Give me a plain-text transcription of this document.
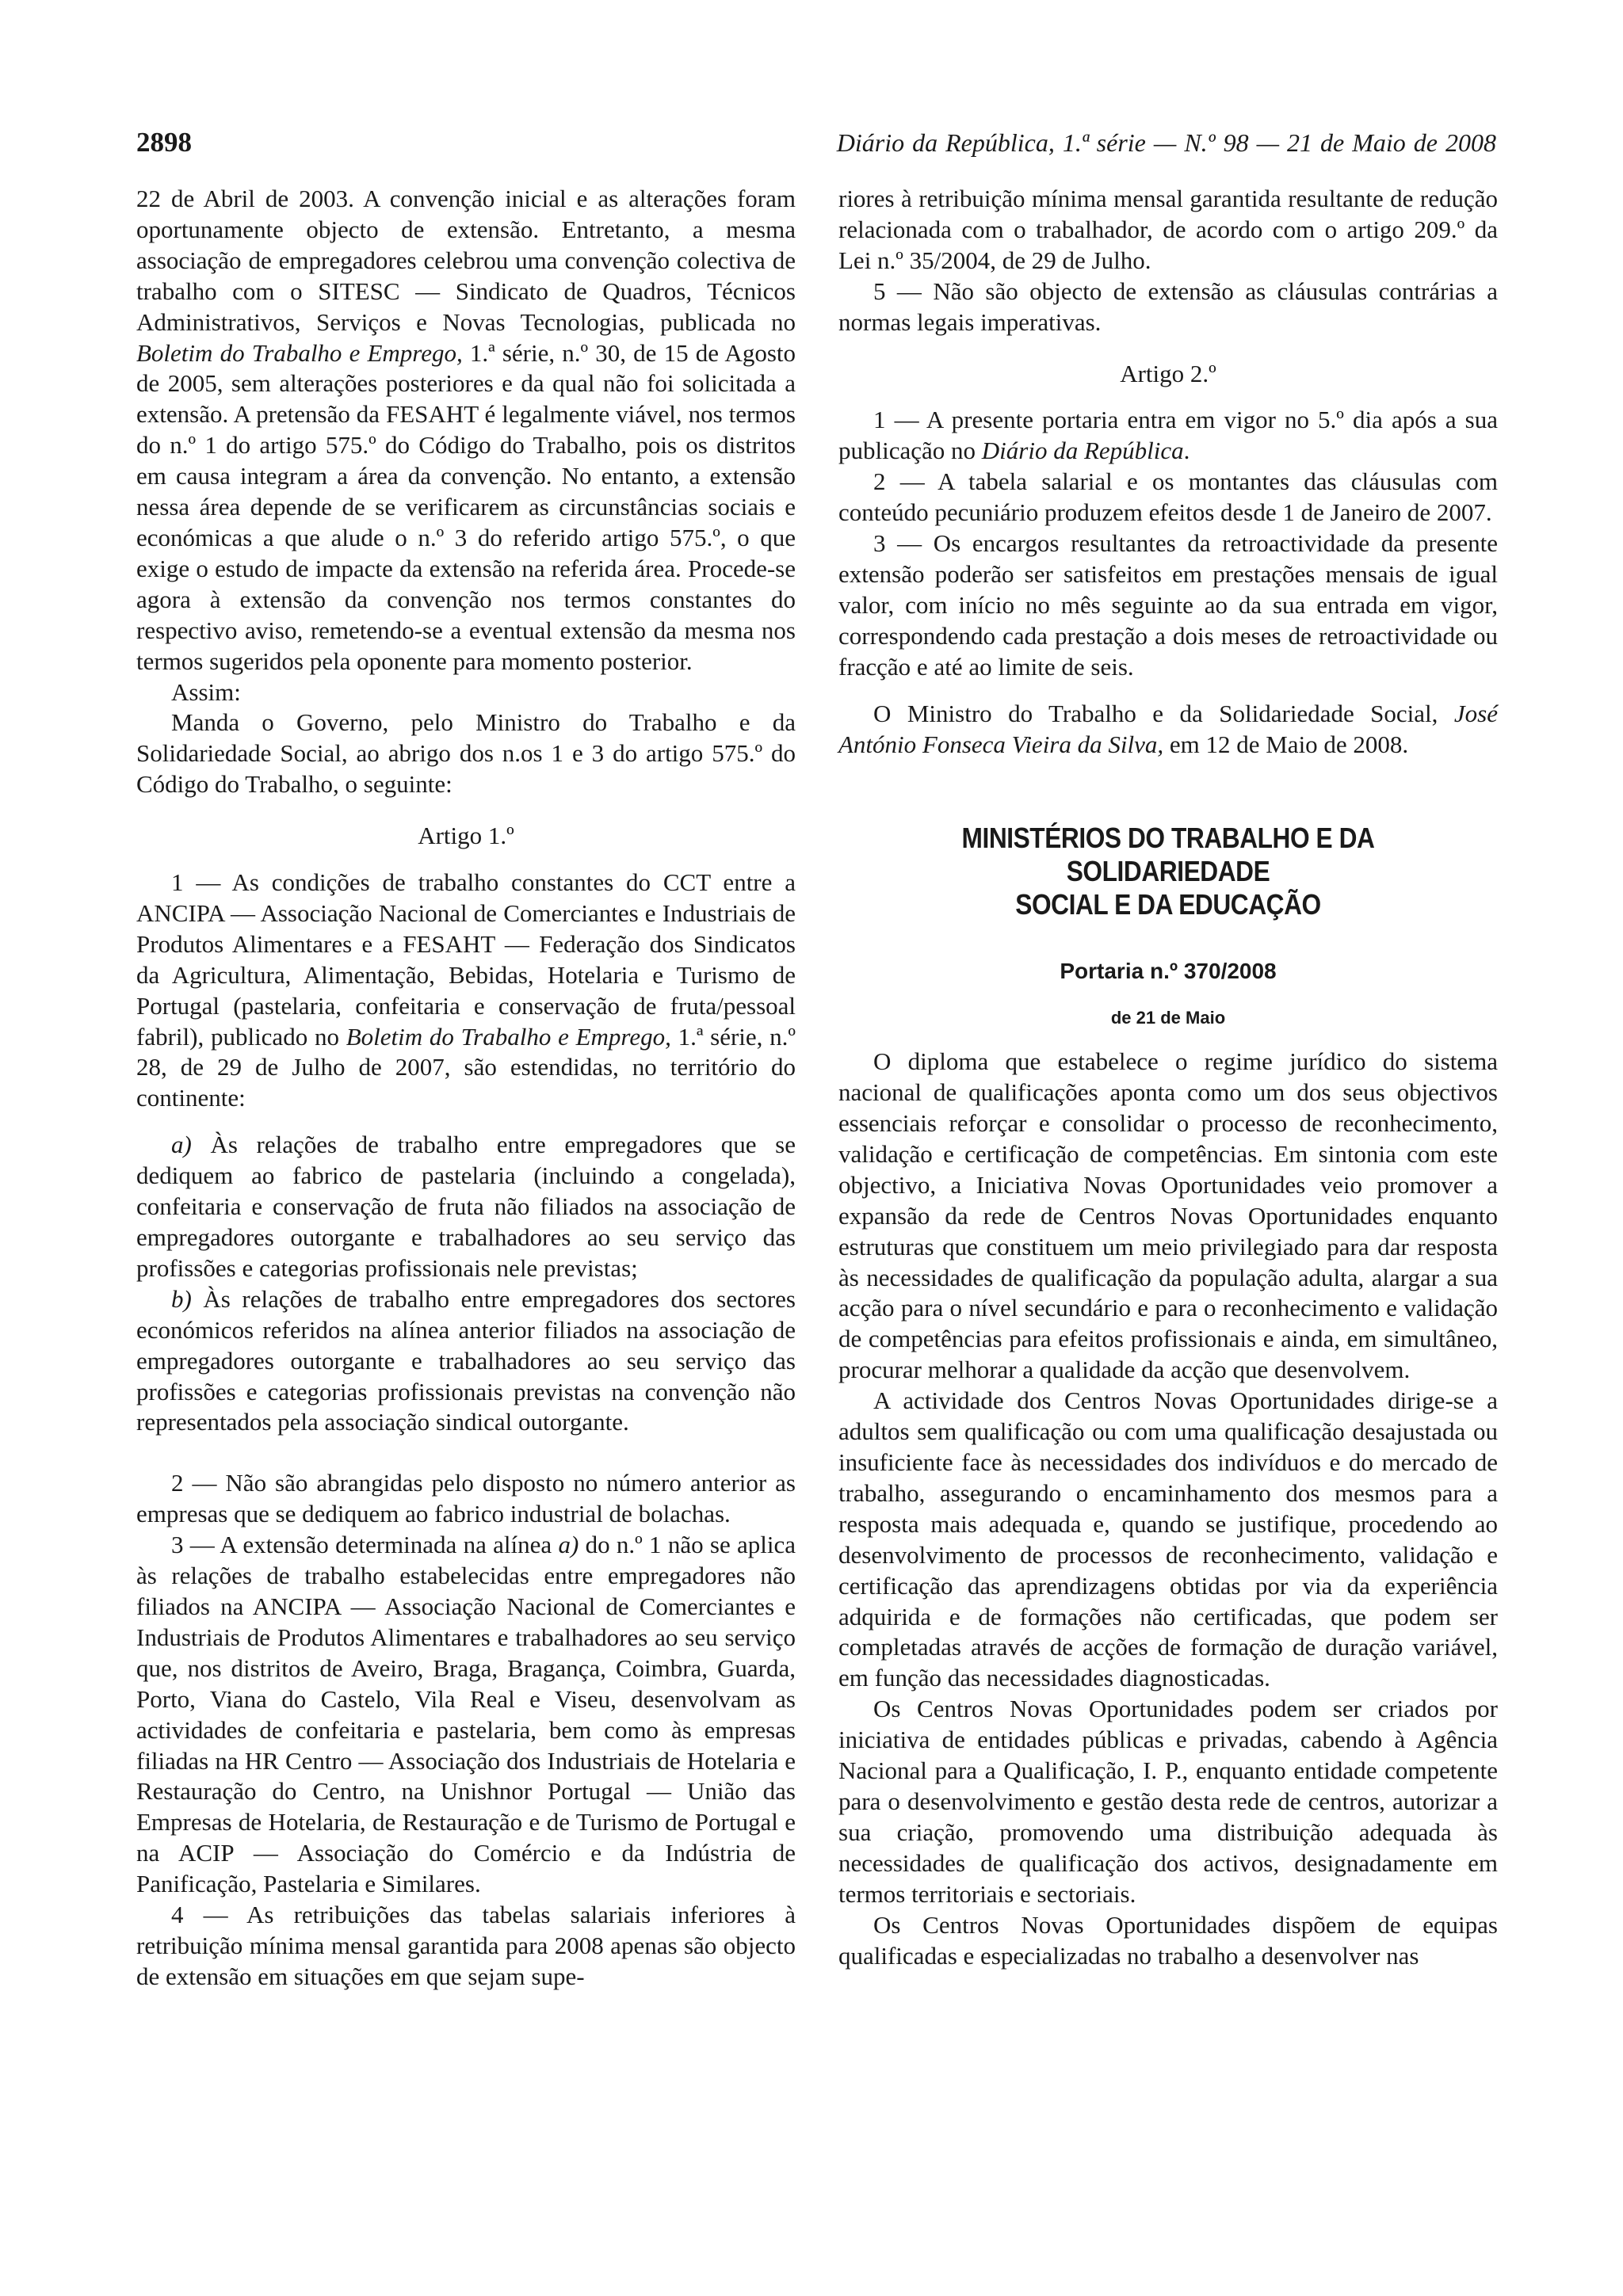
2898	Diário da República, 1.ª série — N.º 98 — 21 de Maio de 2008

22 de Abril de 2003. A convenção inicial e as alterações foram oportunamente objecto de extensão. Entretanto, a mesma associação de empregadores celebrou uma convenção colectiva de trabalho com o SITESC — Sindicato de Quadros, Técnicos Administrativos, Serviços e Novas Tecnologias, publicada no Boletim do Trabalho e Emprego, 1.ª série, n.º 30, de 15 de Agosto de 2005, sem alterações posteriores e da qual não foi solicitada a extensão. A pretensão da FESAHT é legalmente viável, nos termos do n.º 1 do artigo 575.º do Código do Trabalho, pois os distritos em causa integram a área da convenção. No entanto, a extensão nessa área depende de se verificarem as circunstâncias sociais e económicas a que alude o n.º 3 do referido artigo 575.º, o que exige o estudo de impacte da extensão na referida área. Procede-se agora à extensão da convenção nos termos constantes do respectivo aviso, remetendo-se a eventual extensão da mesma nos termos sugeridos pela oponente para momento posterior.

Assim:

Manda o Governo, pelo Ministro do Trabalho e da Solidariedade Social, ao abrigo dos n.os 1 e 3 do artigo 575.º do Código do Trabalho, o seguinte:

Artigo 1.º

1 — As condições de trabalho constantes do CCT entre a ANCIPA — Associação Nacional de Comerciantes e Industriais de Produtos Alimentares e a FESAHT — Federação dos Sindicatos da Agricultura, Alimentação, Bebidas, Hotelaria e Turismo de Portugal (pastelaria, confeitaria e conservação de fruta/pessoal fabril), publicado no Boletim do Trabalho e Emprego, 1.ª série, n.º 28, de 29 de Julho de 2007, são estendidas, no território do continente:

a) Às relações de trabalho entre empregadores que se dediquem ao fabrico de pastelaria (incluindo a congelada), confeitaria e conservação de fruta não filiados na associação de empregadores outorgante e trabalhadores ao seu serviço das profissões e categorias profissionais nele previstas;

b) Às relações de trabalho entre empregadores dos sectores económicos referidos na alínea anterior filiados na associação de empregadores outorgante e trabalhadores ao seu serviço das profissões e categorias profissionais previstas na convenção não representados pela associação sindical outorgante.

2 — Não são abrangidas pelo disposto no número anterior as empresas que se dediquem ao fabrico industrial de bolachas.

3 — A extensão determinada na alínea a) do n.º 1 não se aplica às relações de trabalho estabelecidas entre empregadores não filiados na ANCIPA — Associação Nacional de Comerciantes e Industriais de Produtos Alimentares e trabalhadores ao seu serviço que, nos distritos de Aveiro, Braga, Bragança, Coimbra, Guarda, Porto, Viana do Castelo, Vila Real e Viseu, desenvolvam as actividades de confeitaria e pastelaria, bem como às empresas filiadas na HR Centro — Associação dos Industriais de Hotelaria e Restauração do Centro, na Unishnor Portugal — União das Empresas de Hotelaria, de Restauração e de Turismo de Portugal e na ACIP — Associação do Comércio e da Indústria de Panificação, Pastelaria e Similares.

4 — As retribuições das tabelas salariais inferiores à retribuição mínima mensal garantida para 2008 apenas são objecto de extensão em situações em que sejam supe-

riores à retribuição mínima mensal garantida resultante de redução relacionada com o trabalhador, de acordo com o artigo 209.º da Lei n.º 35/2004, de 29 de Julho.

5 — Não são objecto de extensão as cláusulas contrárias a normas legais imperativas.

Artigo 2.º

1 — A presente portaria entra em vigor no 5.º dia após a sua publicação no Diário da República.

2 — A tabela salarial e os montantes das cláusulas com conteúdo pecuniário produzem efeitos desde 1 de Janeiro de 2007.

3 — Os encargos resultantes da retroactividade da presente extensão poderão ser satisfeitos em prestações mensais de igual valor, com início no mês seguinte ao da sua entrada em vigor, correspondendo cada prestação a dois meses de retroactividade ou fracção e até ao limite de seis.

O Ministro do Trabalho e da Solidariedade Social, José António Fonseca Vieira da Silva, em 12 de Maio de 2008.

MINISTÉRIOS DO TRABALHO E DA SOLIDARIEDADE
SOCIAL E DA EDUCAÇÃO
Portaria n.º 370/2008
de 21 de Maio

O diploma que estabelece o regime jurídico do sistema nacional de qualificações aponta como um dos seus objectivos essenciais reforçar e consolidar o processo de reconhecimento, validação e certificação de competências. Em sintonia com este objectivo, a Iniciativa Novas Oportunidades veio promover a expansão da rede de Centros Novas Oportunidades enquanto estruturas que constituem um meio privilegiado para dar resposta às necessidades de qualificação da população adulta, alargar a sua acção para o nível secundário e para o reconhecimento e validação de competências para efeitos profissionais e ainda, em simultâneo, procurar melhorar a qualidade da acção que desenvolvem.

A actividade dos Centros Novas Oportunidades dirige-se a adultos sem qualificação ou com uma qualificação desajustada ou insuficiente face às necessidades dos indivíduos e do mercado de trabalho, assegurando o encaminhamento dos mesmos para a resposta mais adequada e, quando se justifique, procedendo ao desenvolvimento de processos de reconhecimento, validação e certificação das aprendizagens obtidas por via da experiência adquirida e de formações não certificadas, que podem ser completadas através de acções de formação de duração variável, em função das necessidades diagnosticadas.

Os Centros Novas Oportunidades podem ser criados por iniciativa de entidades públicas e privadas, cabendo à Agência Nacional para a Qualificação, I. P., enquanto entidade competente para o desenvolvimento e gestão desta rede de centros, autorizar a sua criação, promovendo uma distribuição adequada às necessidades de qualificação dos activos, designadamente em termos territoriais e sectoriais.

Os Centros Novas Oportunidades dispõem de equipas qualificadas e especializadas no trabalho a desenvolver nas
